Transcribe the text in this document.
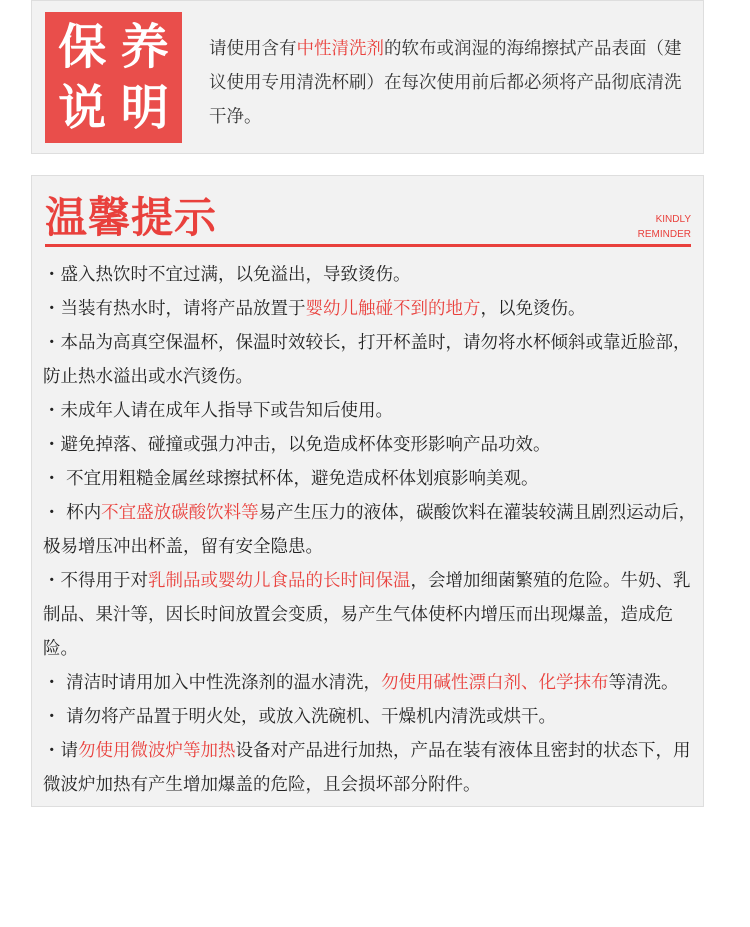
保 养
说 明
请使用含有中性清洗剂的软布或润湿的海绵擦拭产品表面（建议使用专用清洗杯刷）在每次使用前后都必须将产品彻底清洗干净。
温馨提示	KINDLY
REMINDER
・盛入热饮时不宜过满，以免溢出，导致烫伤。
・当装有热水时，请将产品放置于婴幼儿触碰不到的地方，以免烫伤。
・本品为高真空保温杯，保温时效较长，打开杯盖时，请勿将水杯倾斜或靠近脸部，防止热水溢出或水汽烫伤。
・未成年人请在成年人指导下或告知后使用。
・避免掉落、碰撞或强力冲击，以免造成杯体变形影响产品功效。
・ 不宜用粗糙金属丝球擦拭杯体，避免造成杯体划痕影响美观。
・ 杯内不宜盛放碳酸饮料等易产生压力的液体，碳酸饮料在灌装较满且剧烈运动后，极易增压冲出杯盖，留有安全隐患。
・不得用于对乳制品或婴幼儿食品的长时间保温，会增加细菌繁殖的危险。牛奶、乳制品、果汁等，因长时间放置会变质，易产生气体使杯内增压而出现爆盖，造成危险。
・ 清洁时请用加入中性洗涤剂的温水清洗，勿使用碱性漂白剂、化学抹布等清洗。
・ 请勿将产品置于明火处，或放入洗碗机、干燥机内清洗或烘干。
・请勿使用微波炉等加热设备对产品进行加热，产品在装有液体且密封的状态下，用微波炉加热有产生增加爆盖的危险，且会损坏部分附件。
